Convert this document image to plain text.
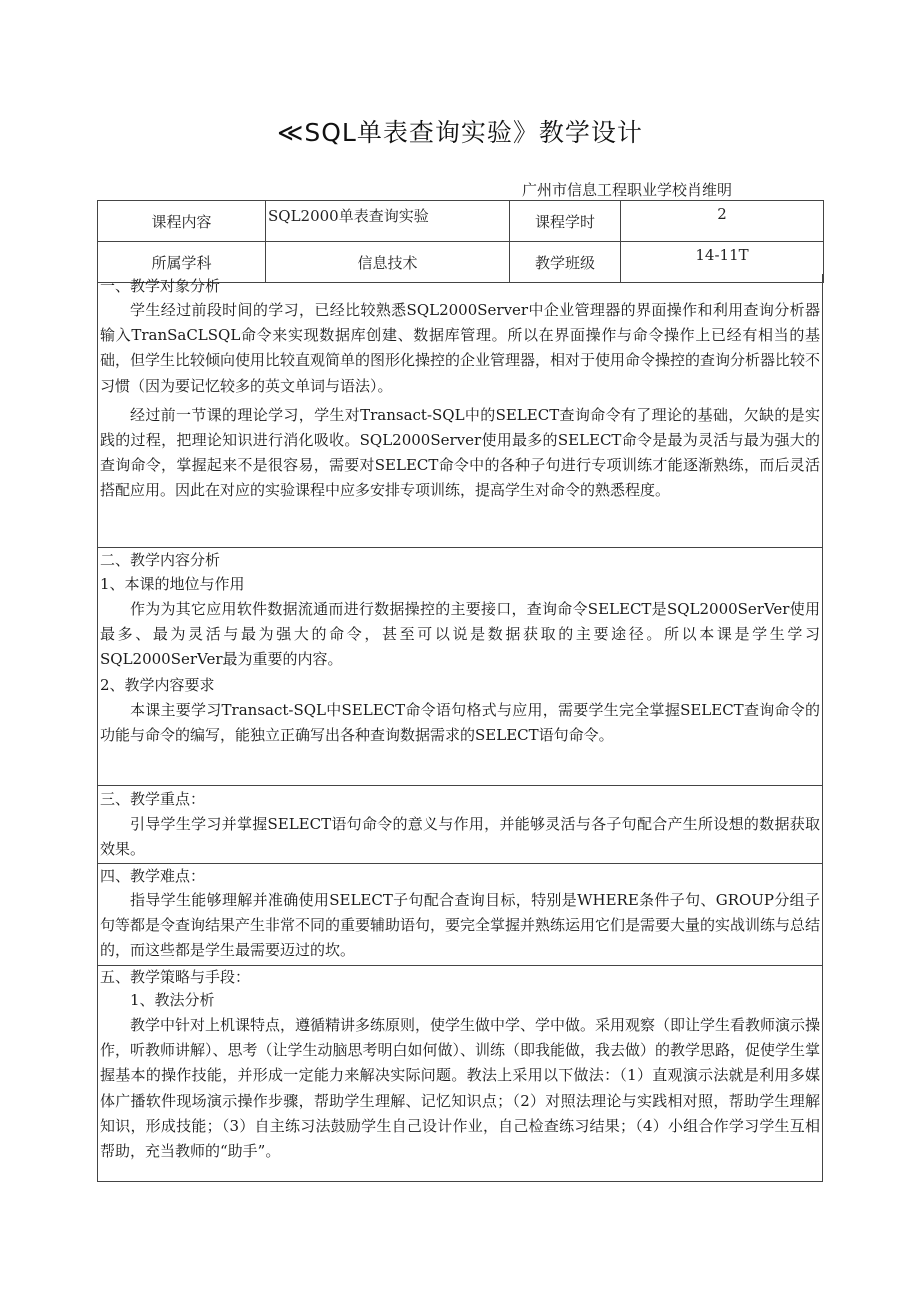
≪SQL单表查询实验》教学设计
广州市信息工程职业学校肖维明
课程内容	SQL2000单表查询实验	课程学时	2
所属学科	信息技术	教学班级	14-11T

一、教学对象分析

学生经过前段时间的学习，已经比较熟悉SQL2000Server中企业管理器的界面操作和利用查询分析器输入TranSaCLSQL命令来实现数据库创建、数据库管理。所以在界面操作与命令操作上已经有相当的基础，但学生比较倾向使用比较直观简单的图形化操控的企业管理器，相对于使用命令操控的查询分析器比较不习惯（因为要记忆较多的英文单词与语法）。

经过前一节课的理论学习，学生对Transact-SQL中的SELECT查询命令有了理论的基础，欠缺的是实践的过程，把理论知识进行消化吸收。SQL2000Server使用最多的SELECT命令是最为灵活与最为强大的查询命令，掌握起来不是很容易，需要对SELECT命令中的各种子句进行专项训练才能逐渐熟练，而后灵活搭配应用。因此在对应的实验课程中应多安排专项训练，提高学生对命令的熟悉程度。

二、教学内容分析

1、本课的地位与作用

作为为其它应用软件数据流通而进行数据操控的主要接口，查询命令SELECT是SQL2000SerVer使用最多、最为灵活与最为强大的命令，甚至可以说是数据获取的主要途径。所以本课是学生学习SQL2000SerVer最为重要的内容。

2、教学内容要求

本课主要学习Transact-SQL中SELECT命令语句格式与应用，需要学生完全掌握SELECT查询命令的功能与命令的编写，能独立正确写出各种查询数据需求的SELECT语句命令。

三、教学重点：

引导学生学习并掌握SELECT语句命令的意义与作用，并能够灵活与各子句配合产生所设想的数据获取效果。

四、教学难点：

指导学生能够理解并准确使用SELECT子句配合查询目标，特别是WHERE条件子句、GROUP分组子句等都是令查询结果产生非常不同的重要辅助语句，要完全掌握并熟练运用它们是需要大量的实战训练与总结的，而这些都是学生最需要迈过的坎。

五、教学策略与手段：

1、教法分析

教学中针对上机课特点，遵循精讲多练原则，使学生做中学、学中做。采用观察（即让学生看教师演示操作，听教师讲解）、思考（让学生动脑思考明白如何做）、训练（即我能做，我去做）的教学思路，促使学生掌握基本的操作技能，并形成一定能力来解决实际问题。教法上采用以下做法：（1）直观演示法就是利用多媒体广播软件现场演示操作步骤，帮助学生理解、记忆知识点；（2）对照法理论与实践相对照，帮助学生理解知识，形成技能；（3）自主练习法鼓励学生自己设计作业，自己检查练习结果；（4）小组合作学习学生互相帮助，充当教师的“助手”。
